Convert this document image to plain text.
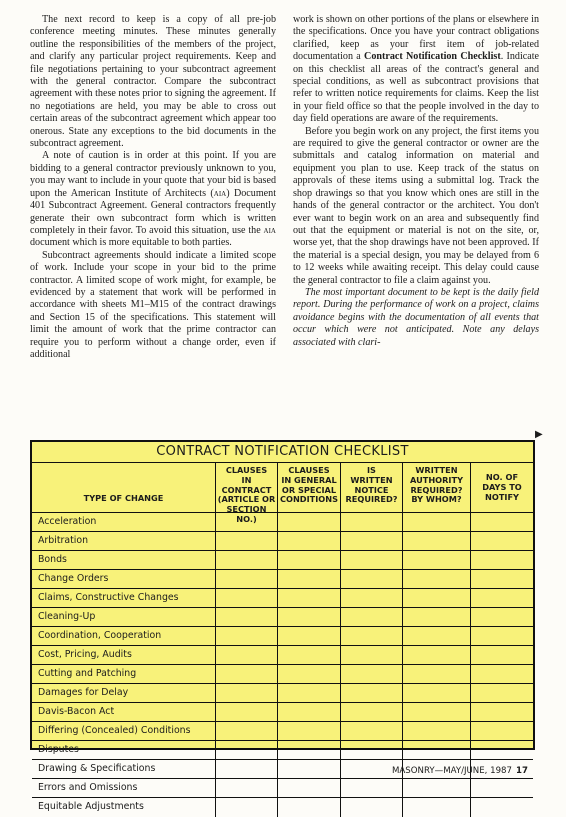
The next record to keep is a copy of all pre-job conference meeting minutes. These minutes generally outline the responsibilities of the members of the project, and clarify any particular project requirements. Keep and file negotiations pertaining to your subcontract agreement with the general contractor. Compare the subcontract agreement with these notes prior to signing the agreement. If no negotiations are held, you may be able to cross out certain areas of the subcontract agreement which appear too onerous. State any exceptions to the bid documents in the subcontract agreement.

A note of caution is in order at this point. If you are bidding to a general contractor previously unknown to you, you may want to include in your quote that your bid is based upon the American Institute of Architects (aia) Document 401 Subcontract Agreement. General contractors frequently generate their own subcontract form which is written completely in their favor. To avoid this situation, use the aia document which is more equitable to both parties.

Subcontract agreements should indicate a limited scope of work. Include your scope in your bid to the prime contractor. A limited scope of work might, for example, be evidenced by a statement that work will be performed in accordance with sheets M1–M15 of the contract drawings and Section 15 of the specifications. This statement will limit the amount of work that the prime contractor can require you to perform without a change order, even if additional

work is shown on other portions of the plans or elsewhere in the specifications. Once you have your contract obligations clarified, keep as your first item of job-related documentation a Contract Notification Checklist. Indicate on this checklist all areas of the contract's general and special conditions, as well as subcontract provisions that refer to written notice requirements for claims. Keep the list in your field office so that the people involved in the day to day field operations are aware of the requirements.

Before you begin work on any project, the first items you are required to give the general contractor or owner are the submittals and catalog information on material and equipment you plan to use. Keep track of the status on approvals of these items using a submittal log. Track the shop drawings so that you know which ones are still in the hands of the general contractor or the architect. You don't ever want to begin work on an area and subsequently find out that the equipment or material is not on the site, or, worse yet, that the shop drawings have not been approved. If the material is a special design, you may be delayed from 6 to 12 weeks while awaiting receipt. This delay could cause the general contractor to file a claim against you.

The most important document to be kept is the daily field report. During the performance of work on a project, claims avoidance begins with the documentation of all events that occur which were not anticipated. Note any delays associated with clari-

▶
CONTRACT NOTIFICATION CHECKLIST
TYPE OF CHANGE
CLAUSES
IN CONTRACT
(ARTICLE OR
SECTION NO.)
CLAUSES
IN GENERAL
OR SPECIAL
CONDITIONS
IS
WRITTEN
NOTICE
REQUIRED?
WRITTEN
AUTHORITY
REQUIRED?
BY WHOM?
NO. OF
DAYS TO
NOTIFY
Acceleration
Arbitration
Bonds
Change Orders
Claims, Constructive Changes
Cleaning-Up
Coordination, Cooperation
Cost, Pricing, Audits
Cutting and Patching
Damages for Delay
Davis-Bacon Act
Differing (Concealed) Conditions
Disputes
Drawing & Specifications
Errors and Omissions
Equitable Adjustments
MASONRY—MAY/JUNE, 1987 17
